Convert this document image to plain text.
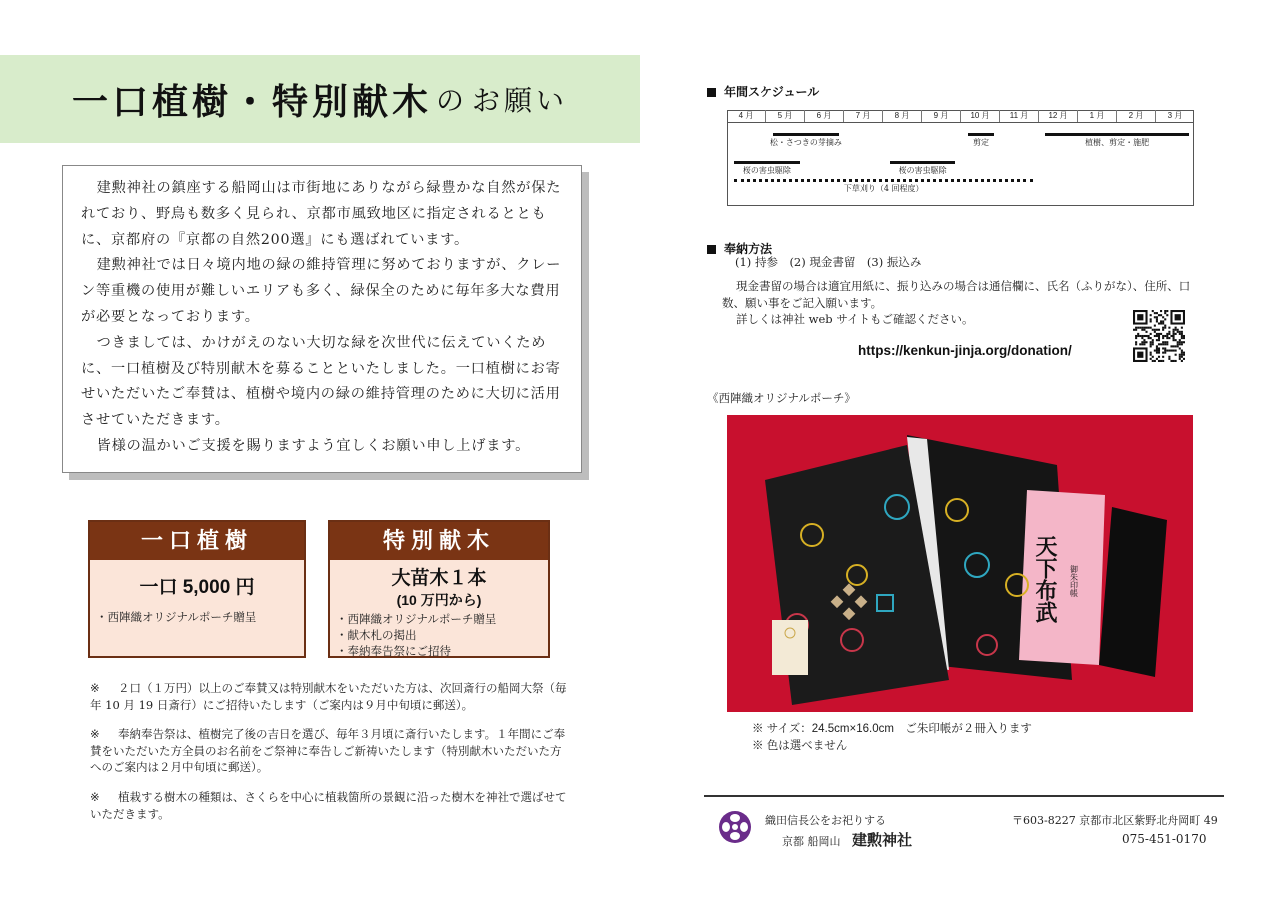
一口植樹・特別献木 の お願い

建勲神社の鎮座する船岡山は市街地にありながら緑豊かな自然が保たれており、野鳥も数多く見られ、京都市風致地区に指定されるとともに、京都府の『京都の自然200選』にも選ばれています。

建勲神社では日々境内地の緑の維持管理に努めておりますが、クレーン等重機の使用が難しいエリアも多く、緑保全のために毎年多大な費用が必要となっております。

つきましては、かけがえのない大切な緑を次世代に伝えていくために、一口植樹及び特別献木を募ることといたしました。一口植樹にお寄せいただいたご奉賛は、植樹や境内の緑の維持管理のために大切に活用させていただきます。

皆様の温かいご支援を賜りますよう宜しくお願い申し上げます。

一口植樹
一口 5,000 円
・西陣織オリジナルポーチ贈呈
特別献木
大苗木１本
(10 万円から)
・西陣織オリジナルポーチ贈呈
・献木札の掲出
・奉納奉告祭にご招待
※ ２口（１万円）以上のご奉賛又は特別献木をいただいた方は、次回斎行の船岡大祭（毎年 10 月 19 日斎行）にご招待いたします（ご案内は９月中旬頃に郵送）。
※ 奉納奉告祭は、植樹完了後の吉日を選び、毎年３月頃に斎行いたします。１年間にご奉賛をいただいた方全員のお名前をご祭神に奉告しご新祷いたします（特別献木いただいた方へのご案内は２月中旬頃に郵送）。
※ 植栽する樹木の種類は、さくらを中心に植栽箇所の景観に沿った樹木を神社で選ばせていただきます。
年間スケジュール
松・さつきの芽摘み	剪定	植樹、剪定・施肥
桜の害虫駆除	桜の害虫駆除
下草刈り（4 回程度）
4 月	5 月	6 月	7 月	8 月	9 月	10 月	11 月	12 月	1 月	2 月	3 月
奉納方法
(1) 持参　(2) 現金書留　(3) 振込み
現金書留の場合は適宜用紙に、振り込みの場合は通信欄に、氏名（ふりがな）、住所、口数、願い事をご記入願います。
詳しくは神社 web サイトもご確認ください。
https://kenkun-jinja.org/donation/
《西陣織オリジナルポーチ》
天下布武 御朱印帳
※ サイズ：24.5cm×16.0cm　ご朱印帳が２冊入ります
※ 色は選べません
織田信長公をお祀りする
京都 船岡山 建勲神社
〒603-8227 京都市北区紫野北舟岡町 49
075-451-0170
